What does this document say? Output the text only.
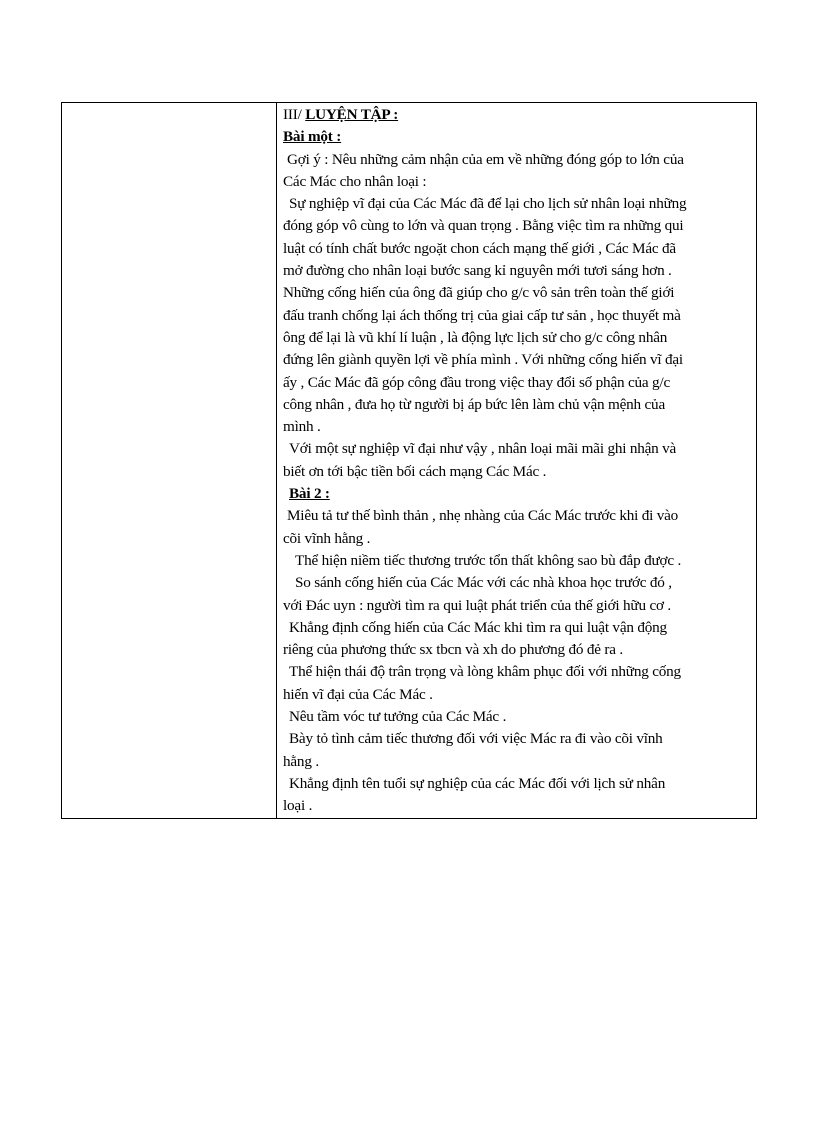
III/ LUYỆN TẬP :
Bài một :
Gợi ý : Nêu những cảm nhận của em về những đóng góp to lớn của
Các Mác cho nhân loại :
Sự nghiệp vĩ đại của Các Mác đã để lại cho lịch sử nhân loại những
đóng góp vô cùng to lớn và quan trọng . Bằng việc tìm ra những qui
luật có tính chất bước ngoặt chon cách mạng thế giới , Các Mác đã
mở đường cho nhân loại bước sang kỉ nguyên mới tươi sáng hơn .
Những cống hiến của ông đã giúp cho g/c vô sản trên toàn thế giới
đấu tranh chống lại ách thống trị của giai cấp tư sản , học thuyết mà
ông để lại là vũ khí lí luận , là động lực lịch sử cho g/c công nhân
đứng lên giành quyền lợi về phía mình . Với những cống hiến vĩ đại
ấy , Các Mác đã góp công đầu trong việc thay đổi số phận của g/c
công nhân , đưa họ từ người bị áp bức lên làm chủ vận mệnh của
mình .
Với một sự nghiệp vĩ đại như vậy , nhân loại mãi mãi ghi nhận và
biết ơn tới bậc tiền bối cách mạng Các Mác .
Bài 2 :
Miêu tả tư thế bình thản , nhẹ nhàng của Các Mác trước khi đi vào
cõi vĩnh hằng .
Thể hiện niềm tiếc thương trước tổn thất không sao bù đắp được .
So sánh cống hiến của Các Mác với các nhà khoa học trước đó ,
với Đác uyn : người tìm ra qui luật phát triển của thế giới hữu cơ .
Khẳng định cống hiến của Các Mác khi tìm ra qui luật vận động
riêng của phương thức sx tbcn và xh do phương đó đẻ ra .
Thể hiện thái độ trân trọng và lòng khâm phục đối với những cống
hiến vĩ đại của Các Mác .
Nêu tầm vóc tư tưởng của Các Mác .
Bày tỏ tình cảm tiếc thương đối với việc Mác ra đi vào cõi vĩnh
hằng .
Khẳng định tên tuổi sự nghiệp của các Mác đối với lịch sử nhân
loại .
